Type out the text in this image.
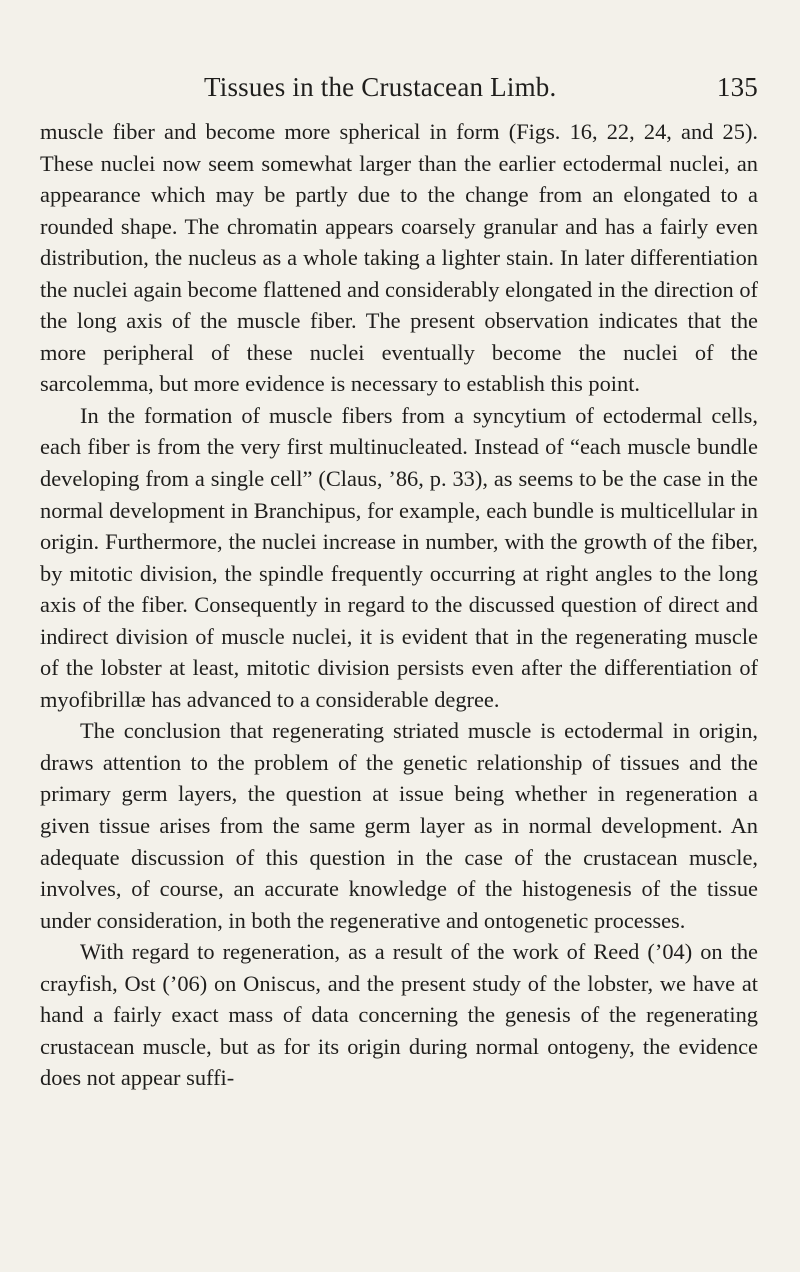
Tissues in the Crustacean Limb.	135

muscle fiber and become more spherical in form (Figs. 16, 22, 24, and 25). These nuclei now seem somewhat larger than the earlier ectodermal nuclei, an appearance which may be partly due to the change from an elongated to a rounded shape. The chromatin appears coarsely granular and has a fairly even distribution, the nucleus as a whole taking a lighter stain. In later differentiation the nuclei again become flattened and considerably elongated in the direction of the long axis of the muscle fiber. The present observation indicates that the more peripheral of these nuclei eventually become the nuclei of the sarcolemma, but more evidence is necessary to establish this point.

In the formation of muscle fibers from a syncytium of ectodermal cells, each fiber is from the very first multinucleated. Instead of “each muscle bundle developing from a single cell” (Claus, ’86, p. 33), as seems to be the case in the normal development in Branchipus, for example, each bundle is multicellular in origin. Furthermore, the nuclei increase in number, with the growth of the fiber, by mitotic division, the spindle frequently occurring at right angles to the long axis of the fiber. Consequently in regard to the discussed question of direct and indirect division of muscle nuclei, it is evident that in the regenerating muscle of the lobster at least, mitotic division persists even after the differentiation of myofibrillæ has advanced to a considerable degree.

The conclusion that regenerating striated muscle is ectodermal in origin, draws attention to the problem of the genetic relationship of tissues and the primary germ layers, the question at issue being whether in regeneration a given tissue arises from the same germ layer as in normal development. An adequate discussion of this question in the case of the crustacean muscle, involves, of course, an accurate knowledge of the histogenesis of the tissue under consideration, in both the regenerative and ontogenetic processes.

With regard to regeneration, as a result of the work of Reed (’04) on the crayfish, Ost (’06) on Oniscus, and the present study of the lobster, we have at hand a fairly exact mass of data concerning the genesis of the regenerating crustacean muscle, but as for its origin during normal ontogeny, the evidence does not appear suffi-
